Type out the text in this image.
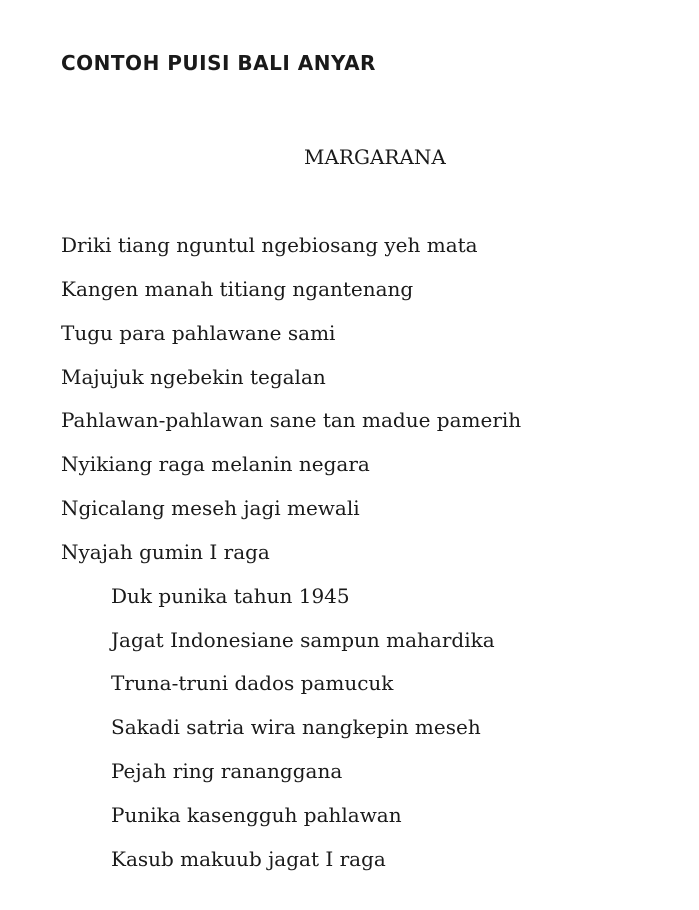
CONTOH PUISI BALI ANYAR
MARGARANA
Driki tiang nguntul ngebiosang yeh mata
Kangen manah titiang ngantenang
Tugu para pahlawane sami
Majujuk ngebekin tegalan
Pahlawan-pahlawan sane tan madue pamerih
Nyikiang raga melanin negara
Ngicalang meseh jagi mewali
Nyajah gumin I raga
Duk punika tahun 1945
Jagat Indonesiane sampun mahardika
Truna-truni dados pamucuk
Sakadi satria wira nangkepin meseh
Pejah ring rananggana
Punika kasengguh pahlawan
Kasub makuub jagat I raga
